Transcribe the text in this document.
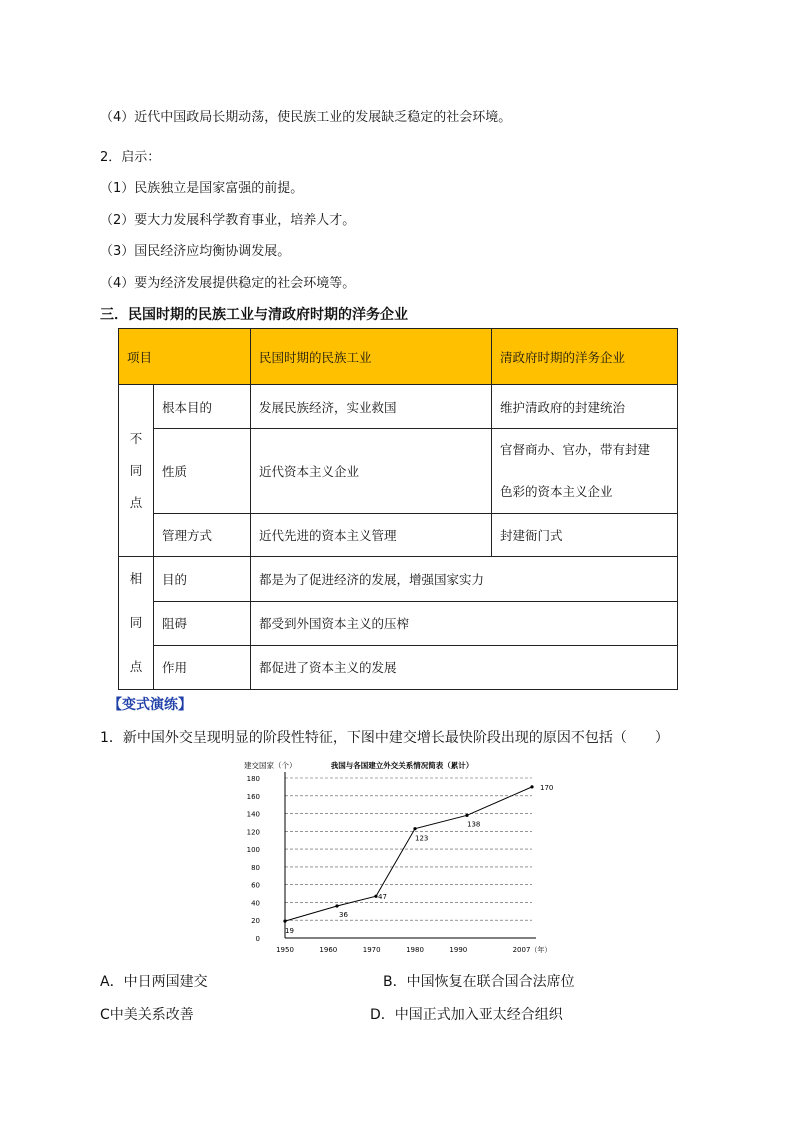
（4）近代中国政局长期动荡，使民族工业的发展缺乏稳定的社会环境。
2．启示：
（1）民族独立是国家富强的前提。
（2）要大力发展科学教育事业，培养人才。
（3）国民经济应均衡协调发展。
（4）要为经济发展提供稳定的社会环境等。
三．民国时期的民族工业与清政府时期的洋务企业
项目		民国时期的民族工业	清政府时期的洋务企业
不
同
点	根本目的	发展民族经济，实业救国	维护清政府的封建统治
	性质	近代资本主义企业	官督商办、官办，带有封建
色彩的资本主义企业
	管理方式	近代先进的资本主义管理	封建衙门式
相
同
点	目的	都是为了促进经济的发展，增强国家实力	
	阻碍	都受到外国资本主义的压榨	
	作用	都促进了资本主义的发展	
【变式演练】
1．新中国外交呈现明显的阶段性特征，下图中建交增长最快阶段出现的原因不包括（　　）
建交国家（个）	我国与各国建立外交关系情况简表（累计）
0
20
40
60
80
100
120
140
160
180
1950	1960	1970	1980	1990	2007（年）
19
36
47
123
138
170
A．中日两国建交	B．中国恢复在联合国合法席位
C中美关系改善	D．中国正式加入亚太经合组织
